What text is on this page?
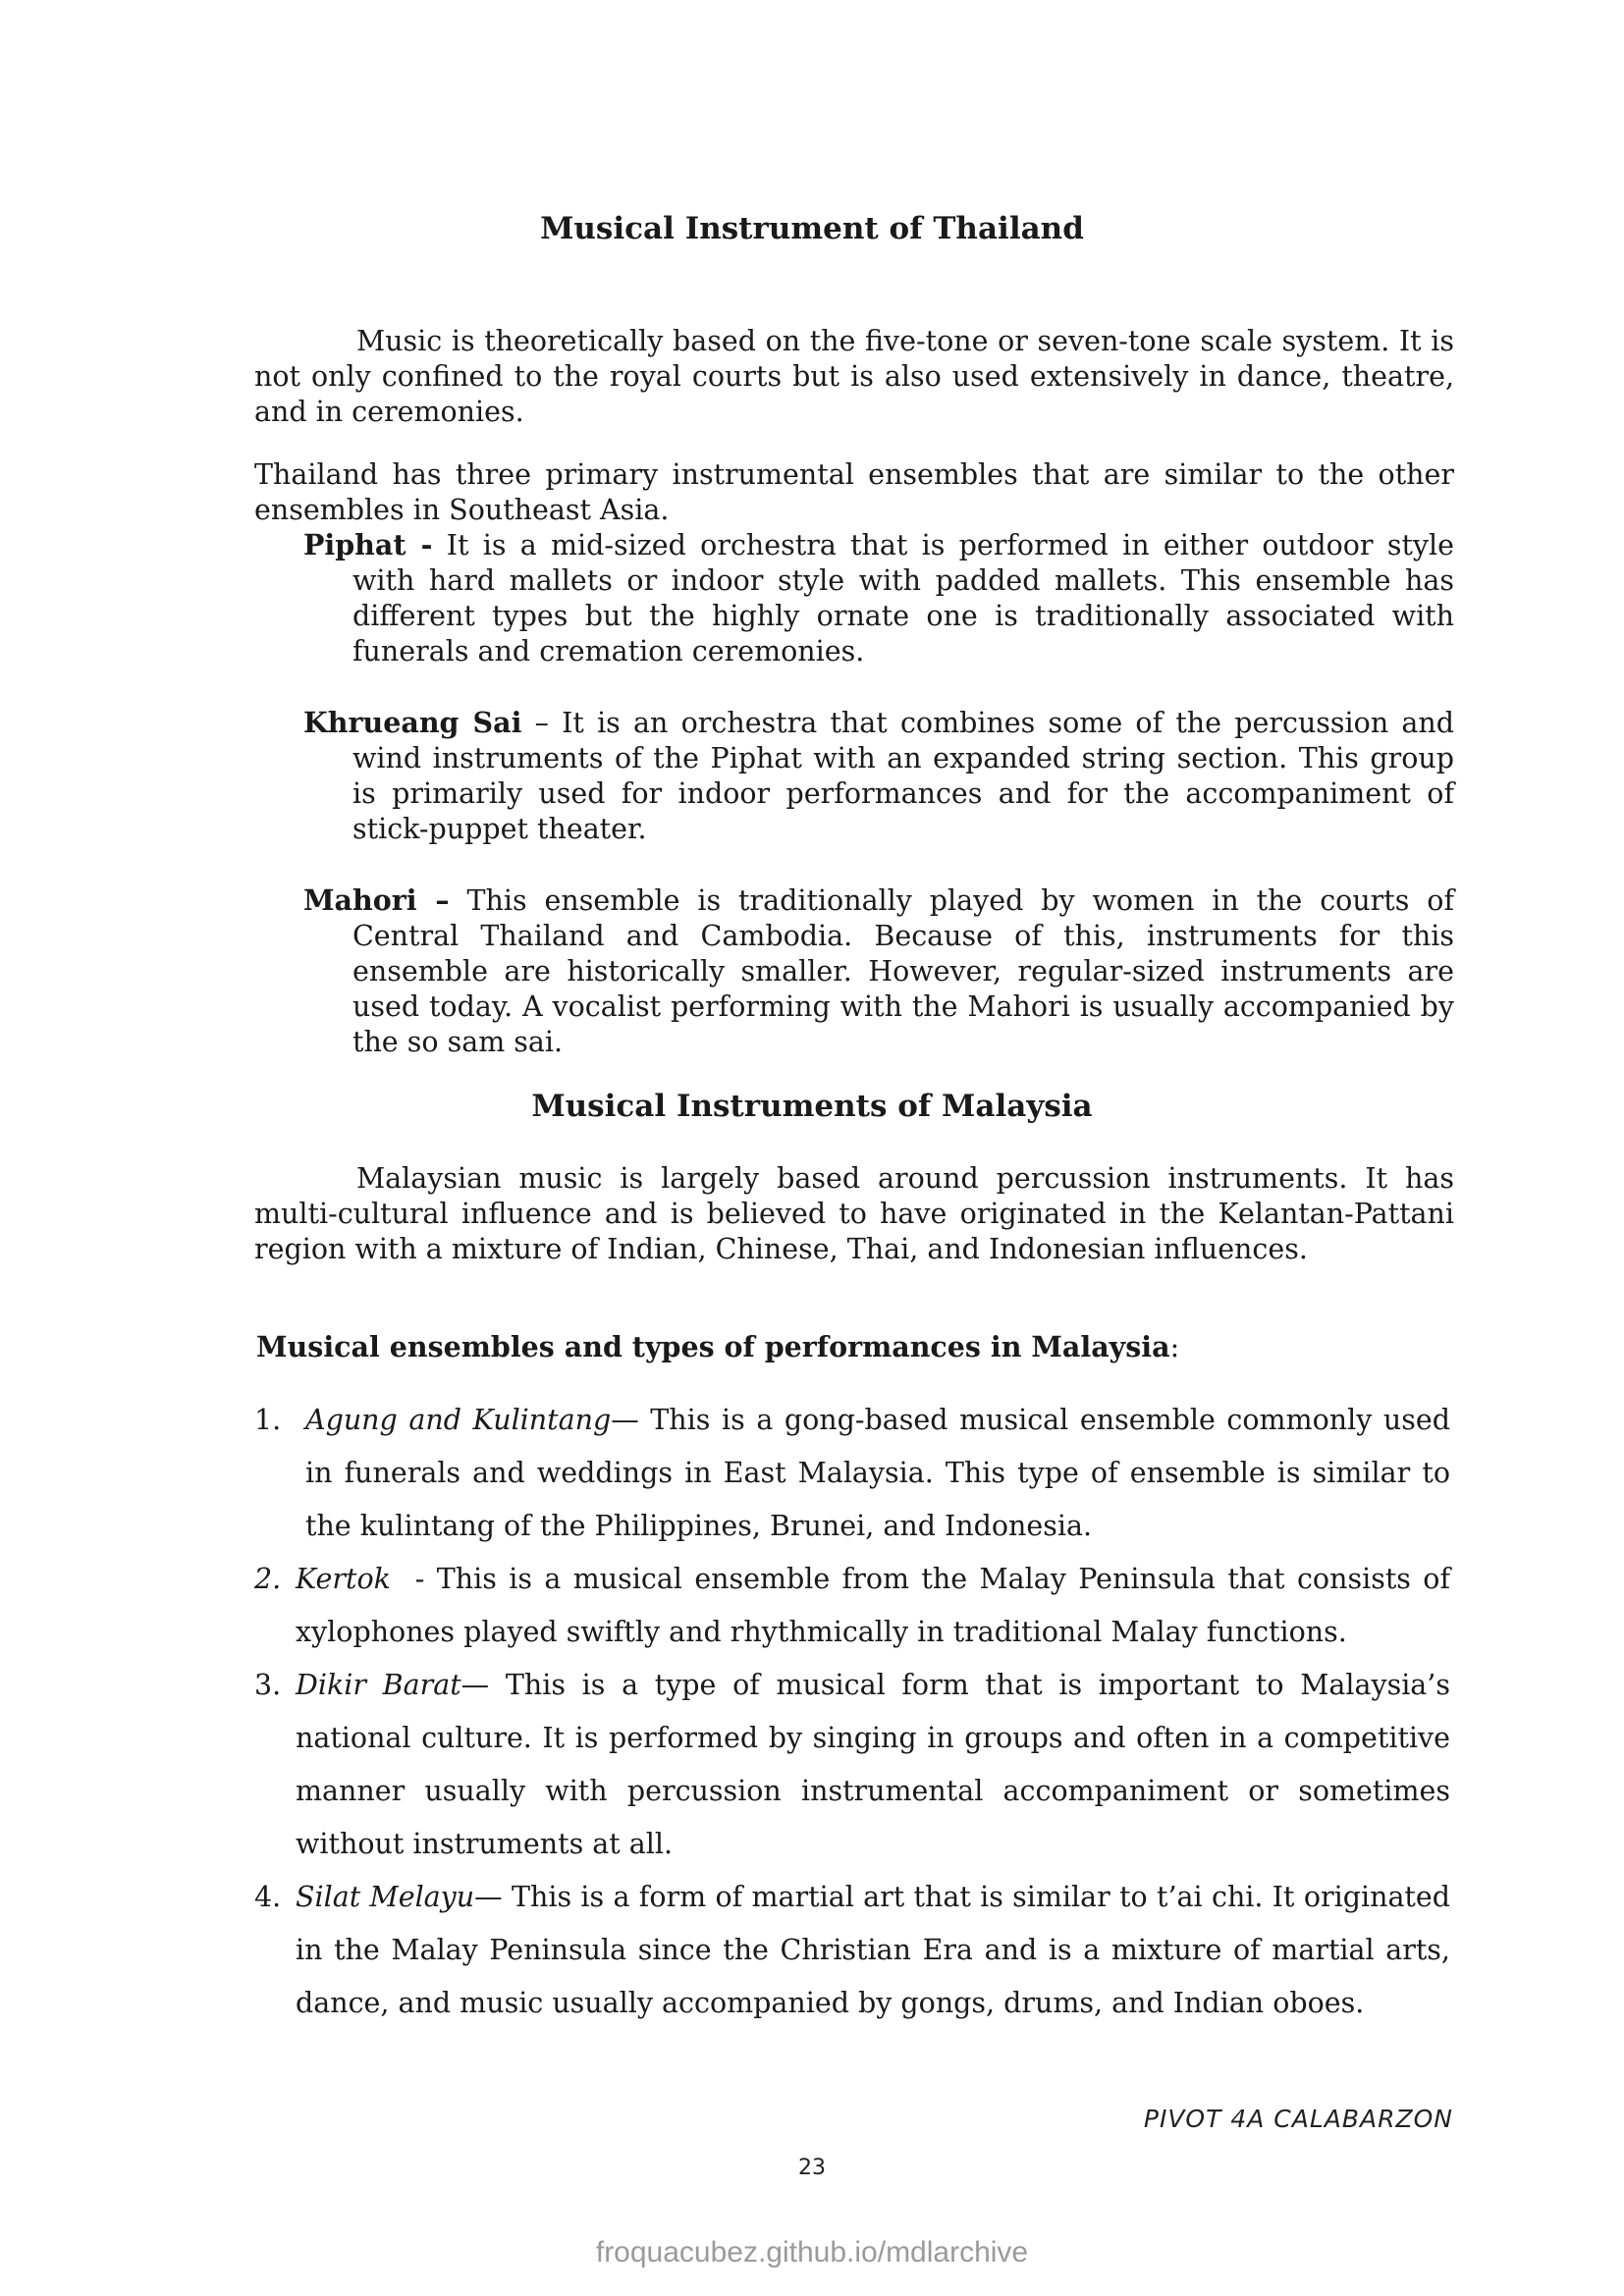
Musical Instrument of Thailand

Music is theoretically based on the five-tone or seven-tone scale system. It is not only confined to the royal courts but is also used extensively in dance, theatre, and in ceremonies.

Thailand has three primary instrumental ensembles that are similar to the other ensembles in Southeast Asia.

Piphat - It is a mid-sized orchestra that is performed in either outdoor style with hard mallets or indoor style with padded mallets. This ensemble has different types but the highly ornate one is traditionally associated with funerals and cremation ceremonies.

Khrueang Sai – It is an orchestra that combines some of the percussion and wind instruments of the Piphat with an expanded string section. This group is primarily used for indoor performances and for the accompaniment of stick-puppet theater.

Mahori – This ensemble is traditionally played by women in the courts of Central Thailand and Cambodia. Because of this, instruments for this ensemble are historically smaller. However, regular-sized instruments are used today. A vocalist performing with the Mahori is usually accompanied by the so sam sai.

Musical Instruments of Malaysia

Malaysian music is largely based around percussion instruments. It has multi-cultural influence and is believed to have originated in the Kelantan-Pattani region with a mixture of Indian, Chinese, Thai, and Indonesian influences.

Musical ensembles and types of performances in Malaysia:

1. Agung and Kulintang— This is a gong-based musical ensemble commonly used in funerals and weddings in East Malaysia. This type of ensemble is similar to the kulintang of the Philippines, Brunei, and Indonesia.
2. Kertok  - This is a musical ensemble from the Malay Peninsula that consists of xylophones played swiftly and rhythmically in traditional Malay functions.
3. Dikir Barat— This is a type of musical form that is important to Malaysia’s national culture. It is performed by singing in groups and often in a competitive manner usually with percussion instrumental accompaniment or sometimes without instruments at all.
4. Silat Melayu— This is a form of martial art that is similar to t’ai chi. It originated in the Malay Peninsula since the Christian Era and is a mixture of martial arts, dance, and music usually accompanied by gongs, drums, and Indian oboes.
PIVOT 4A CALABARZON
23
froquacubez.github.io/mdlarchive
